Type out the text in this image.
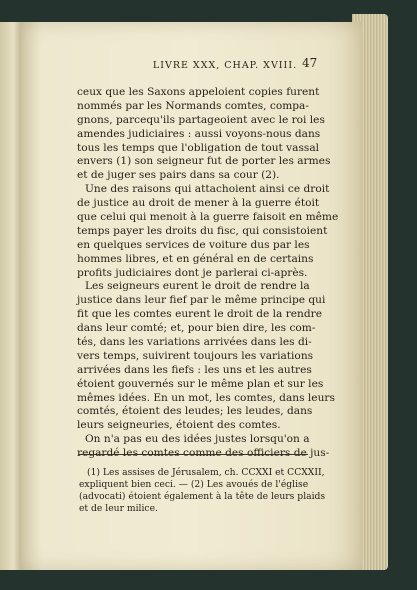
LIVRE XXX, CHAP. XVIII. 47
ceux que les Saxons appeloient copies furent
nommés par les Normands comtes, compa-
gnons, parcequ'ils partageoient avec le roi les
amendes judiciaires : aussi voyons-nous dans
tous les temps que l'obligation de tout vassal
envers (1) son seigneur fut de porter les armes
et de juger ses pairs dans sa cour (2).
Une des raisons qui attachoient ainsi ce droit
de justice au droit de mener à la guerre étoit
que celui qui menoit à la guerre faisoit en même
temps payer les droits du fisc, qui consistoient
en quelques services de voiture dus par les
hommes libres, et en général en de certains
profits judiciaires dont je parlerai ci-après.
Les seigneurs eurent le droit de rendre la
justice dans leur fief par le même principe qui
fit que les comtes eurent le droit de la rendre
dans leur comté; et, pour bien dire, les com-
tés, dans les variations arrivées dans les di-
vers temps, suivirent toujours les variations
arrivées dans les fiefs : les uns et les autres
étoient gouvernés sur le même plan et sur les
mêmes idées. En un mot, les comtes, dans leurs
comtés, étoient des leudes; les leudes, dans
leurs seigneuries, étoient des comtes.
On n'a pas eu des idées justes lorsqu'on a
regardé les comtes comme des officiers de jus-
(1) Les assises de Jérusalem, ch. CCXXI et CCXXII,
expliquent bien ceci. — (2) Les avoués de l'église
(advocati) étoient également à la tête de leurs plaids
et de leur milice.
